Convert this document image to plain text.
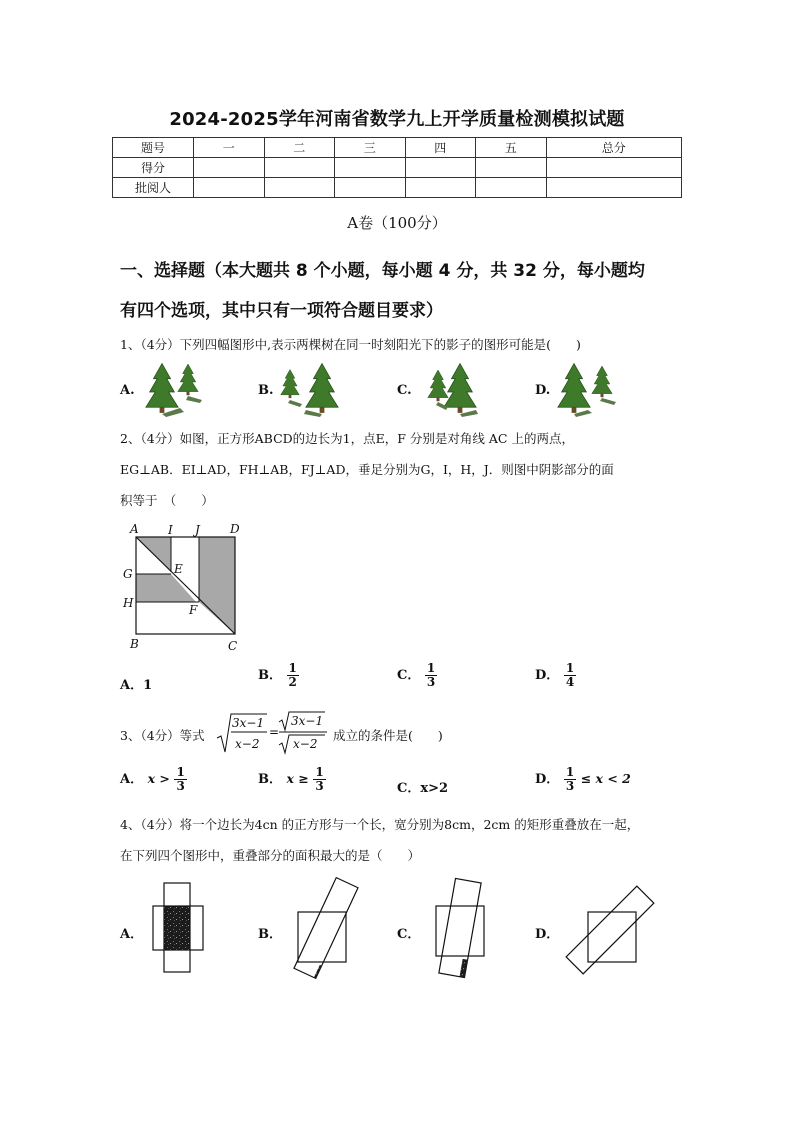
2024-2025学年河南省数学九上开学质量检测模拟试题
题号	一	二	三	四	五	总分
得分						
批阅人						
A卷（100分）
一、选择题（本大题共 8 个小题，每小题 4 分，共 32 分，每小题均
有四个选项，其中只有一项符合题目要求）
1、（4分）下列四幅图形中,表示两棵树在同一时刻阳光下的影子的图形可能是(　　)
A.	B.	C.	D.
2、（4分）如图，正方形ABCD的边长为1，点E，F 分别是对角线 AC 上的两点，
EG⊥AB．EI⊥AD，FH⊥AB，FJ⊥AD，垂足分别为G，I，H，J．则图中阴影部分的面
积等于　（　　）
A I J	D
E
G
H	F
B	C
A．1
B． $\frac{1}{2}$	C． $\frac{1}{3}$	D． $\frac{1}{4}$
3、（4分）等式
3x−1
x−2
=
3x−1
x−2
成立的条件是(　　)
A． $x > \frac{1}{3}$	B． $x \ge \frac{1}{3}$	C．x>2
D． $\frac{1}{3} \le x < 2$
4、（4分）将一个边长为4cn 的正方形与一个长，宽分别为8cm，2cm 的矩形重叠放在一起，
在下列四个图形中，重叠部分的面积最大的是（　　）
A．	B．	C．	D．
